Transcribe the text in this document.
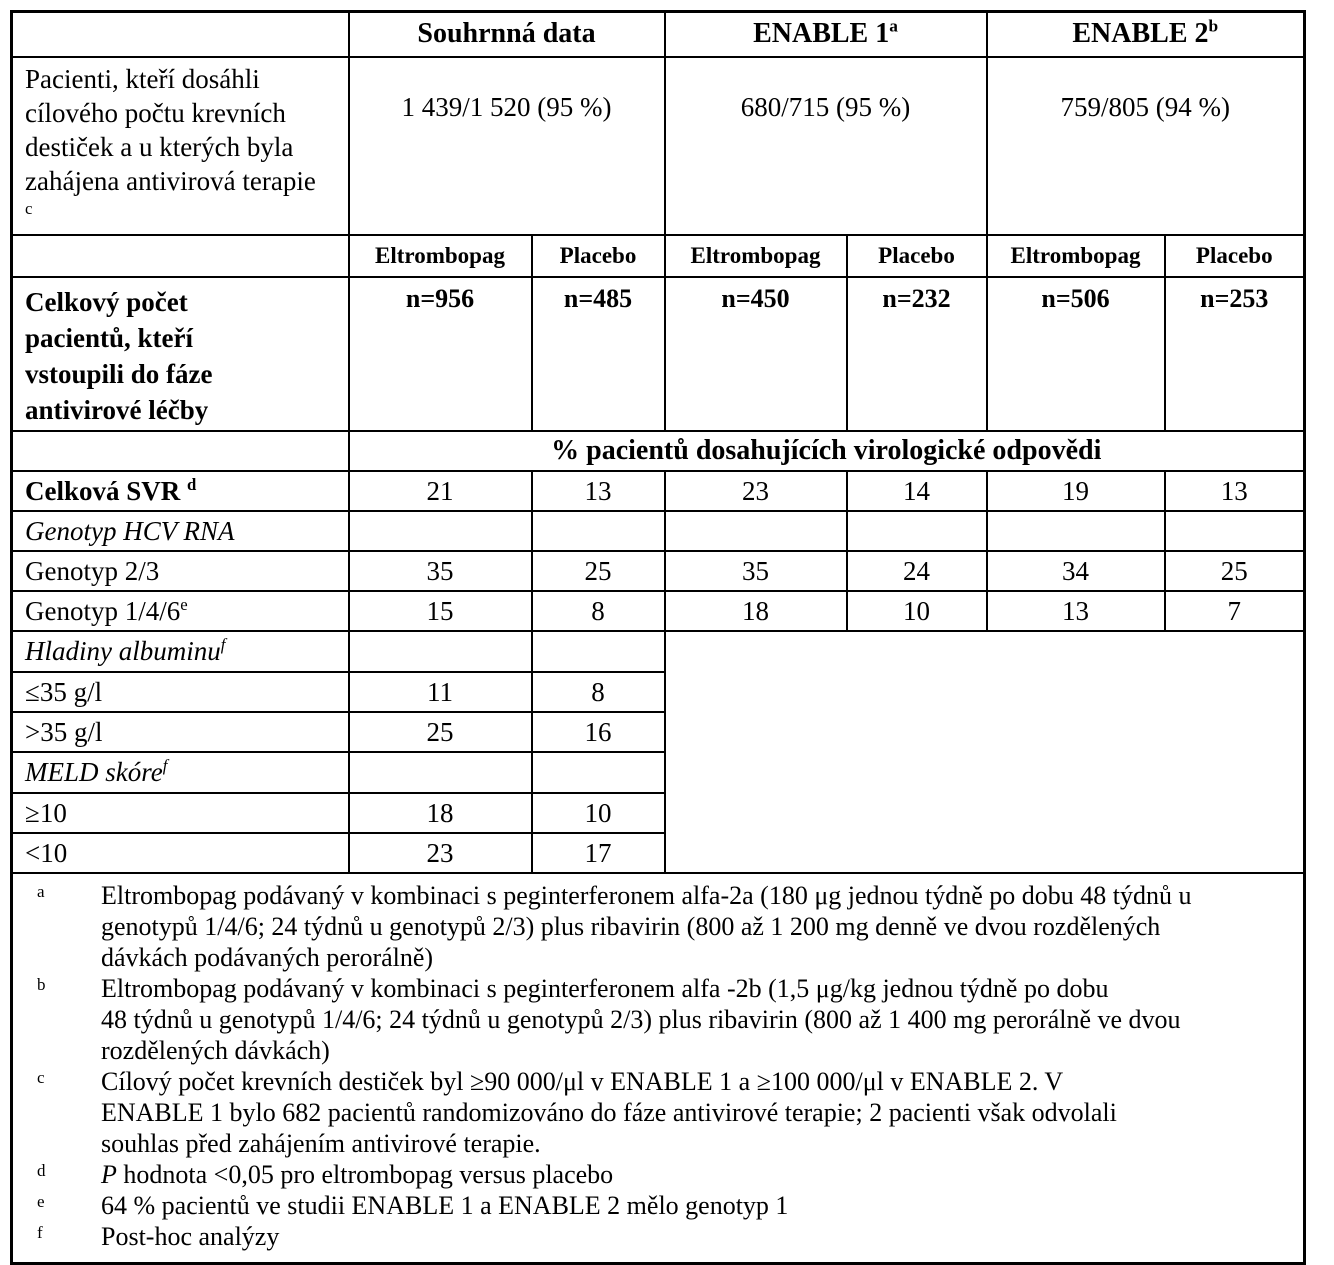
	Souhrnná data		ENABLE 1$^a$		ENABLE 2$^b$

Pacienti, kteří dosáhli cílového počtu krevních destiček a u kterých byla zahájena antivirová terapie $^c$	1 439/1 520 (95 %)		680/715 (95 %)		759/805 (94 %)	
	Eltrombopag	Placebo	Eltrombopag	Placebo	Eltrombopag	Placebo

Celkový počet pacientů, kteří vstoupili do fáze antivirové léčby	n=956	n=485	n=450	n=232	n=506	n=253
	% pacientů dosahujících virologické odpovědi					
Celková SVR $^d$	21	13	23	14	19	13
Genotyp HCV RNA						
Genotyp 2/3	35	25	35	24	34	25
Genotyp 1/4/6e	15	8	18	10	13	7
Hladiny albuminu$^f$			
≤35 g/l	11	8				
>35 g/l	25	16				
MELD skóre$^f$		
≥10	18	10				
<10	23	17				

a	Eltrombopag podávaný v kombinaci s peginterferonem alfa-2a (180 μg jednou týdně po dobu 48 týdnů u
genotypů 1/4/6; 24 týdnů u genotypů 2/3) plus ribavirin (800 až 1 200 mg denně ve dvou rozdělených
dávkách podávaných perorálně)
b	Eltrombopag podávaný v kombinaci s peginterferonem alfa -2b (1,5 μg/kg jednou týdně po dobu
48 týdnů u genotypů 1/4/6; 24 týdnů u genotypů 2/3) plus ribavirin (800 až 1 400 mg perorálně ve dvou
rozdělených dávkách)
c	Cílový počet krevních destiček byl ≥90 000/μl v ENABLE 1 a ≥100 000/μl v ENABLE 2. V
ENABLE 1 bylo 682 pacientů randomizováno do fáze antivirové terapie; 2 pacienti však odvolali
souhlas před zahájením antivirové terapie.
d	P hodnota <0,05 pro eltrombopag versus placebo
e	64 % pacientů ve studii ENABLE 1 a ENABLE 2 mělo genotyp 1
f	Post-hoc analýzy
